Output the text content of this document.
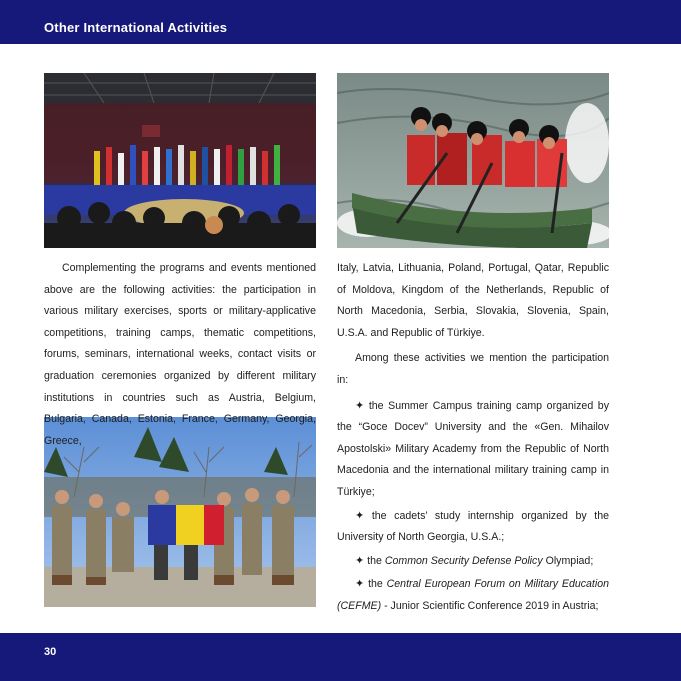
Other International Activities

Complementing the programs and events mentioned above are the following activities: the participation in various military exercises, sports or military-applicative competitions, training camps, thematic competitions, forums, seminars, international weeks, contact visits or graduation ceremonies organized by different military institutions in countries such as Austria, Belgium, Bulgaria, Canada, Estonia, France, Germany, Georgia, Greece,

Italy, Latvia, Lithuania, Poland, Portugal, Qatar, Republic of Moldova, Kingdom of the Netherlands, Republic of North Macedonia, Serbia, Slovakia, Slovenia, Spain, U.S.A. and Republic of Türkiye.

Among these activities we mention the participation in:

✦ the Summer Campus training camp organized by the “Goce Docev” University and the «Gen. Mihailov Apostolski» Military Academy from the Republic of North Macedonia and the international military training camp in Türkiye;

✦ the cadets’ study internship organized by the University of North Georgia, U.S.A.;

✦ the Common Security Defense Policy Olympiad;

✦ the Central European Forum on Military Education (CEFME) - Junior Scientific Conference 2019 in Austria;

30
